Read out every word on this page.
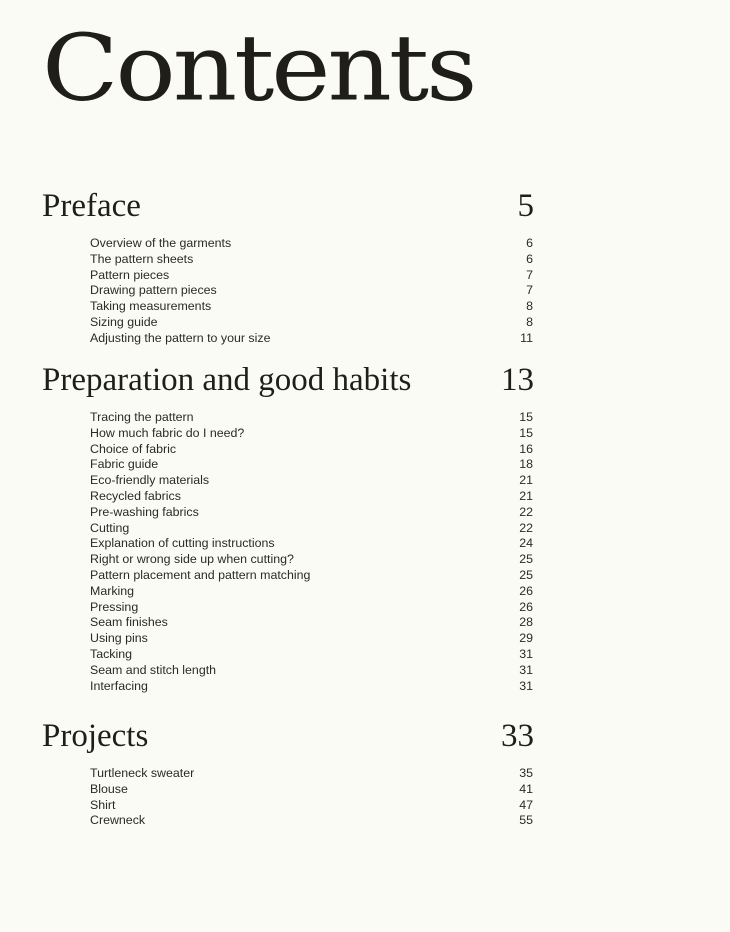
Contents
Preface	5
Overview of the garments	6
The pattern sheets	6
Pattern pieces	7
Drawing pattern pieces	7
Taking measurements	8
Sizing guide	8
Adjusting the pattern to your size	11
Preparation and good habits	13
Tracing the pattern	15
How much fabric do I need?	15
Choice of fabric	16
Fabric guide	18
Eco-friendly materials	21
Recycled fabrics	21
Pre-washing fabrics	22
Cutting	22
Explanation of cutting instructions	24
Right or wrong side up when cutting?	25
Pattern placement and pattern matching	25
Marking	26
Pressing	26
Seam finishes	28
Using pins	29
Tacking	31
Seam and stitch length	31
Interfacing	31
Projects	33
Turtleneck sweater	35
Blouse	41
Shirt	47
Crewneck	55
